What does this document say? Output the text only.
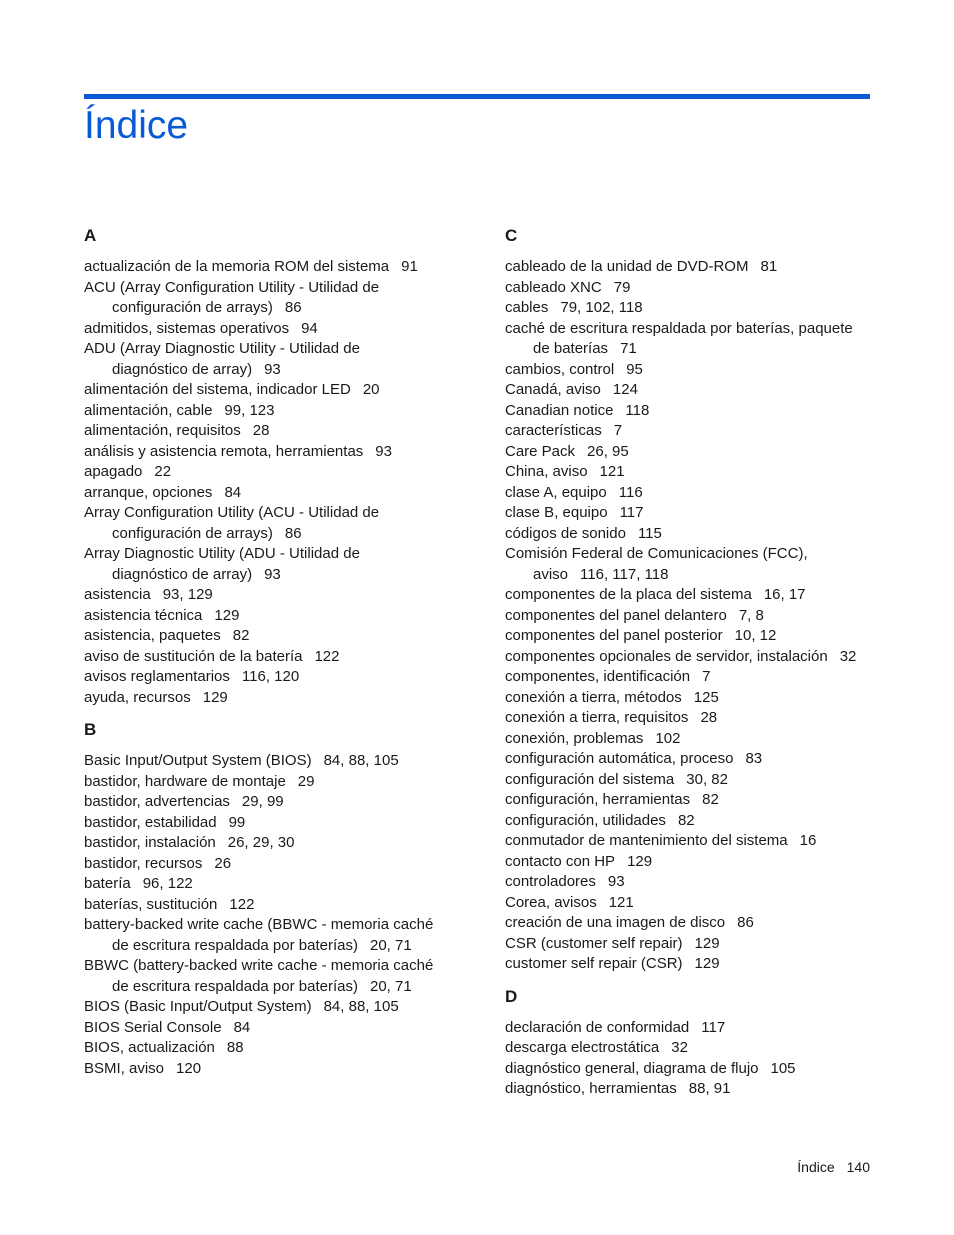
Índice
A
actualización de la memoria ROM del sistema 91
ACU (Array Configuration Utility - Utilidad de
configuración de arrays) 86
admitidos, sistemas operativos 94
ADU (Array Diagnostic Utility - Utilidad de
diagnóstico de array) 93
alimentación del sistema, indicador LED 20
alimentación, cable 99, 123
alimentación, requisitos 28
análisis y asistencia remota, herramientas 93
apagado 22
arranque, opciones 84
Array Configuration Utility (ACU - Utilidad de
configuración de arrays) 86
Array Diagnostic Utility (ADU - Utilidad de
diagnóstico de array) 93
asistencia 93, 129
asistencia técnica 129
asistencia, paquetes 82
aviso de sustitución de la batería 122
avisos reglamentarios 116, 120
ayuda, recursos 129
B
Basic Input/Output System (BIOS) 84, 88, 105
bastidor, hardware de montaje 29
bastidor, advertencias 29, 99
bastidor, estabilidad 99
bastidor, instalación 26, 29, 30
bastidor, recursos 26
batería 96, 122
baterías, sustitución 122
battery-backed write cache (BBWC - memoria caché
de escritura respaldada por baterías) 20, 71
BBWC (battery-backed write cache - memoria caché
de escritura respaldada por baterías) 20, 71
BIOS (Basic Input/Output System) 84, 88, 105
BIOS Serial Console 84
BIOS, actualización 88
BSMI, aviso 120
C
cableado de la unidad de DVD-ROM 81
cableado XNC 79
cables 79, 102, 118
caché de escritura respaldada por baterías, paquete
de baterías 71
cambios, control 95
Canadá, aviso 124
Canadian notice 118
características 7
Care Pack 26, 95
China, aviso 121
clase A, equipo 116
clase B, equipo 117
códigos de sonido 115
Comisión Federal de Comunicaciones (FCC),
aviso 116, 117, 118
componentes de la placa del sistema 16, 17
componentes del panel delantero 7, 8
componentes del panel posterior 10, 12
componentes opcionales de servidor, instalación 32
componentes, identificación 7
conexión a tierra, métodos 125
conexión a tierra, requisitos 28
conexión, problemas 102
configuración automática, proceso 83
configuración del sistema 30, 82
configuración, herramientas 82
configuración, utilidades 82
conmutador de mantenimiento del sistema 16
contacto con HP 129
controladores 93
Corea, avisos 121
creación de una imagen de disco 86
CSR (customer self repair) 129
customer self repair (CSR) 129
D
declaración de conformidad 117
descarga electrostática 32
diagnóstico general, diagrama de flujo 105
diagnóstico, herramientas 88, 91
Índice 140
